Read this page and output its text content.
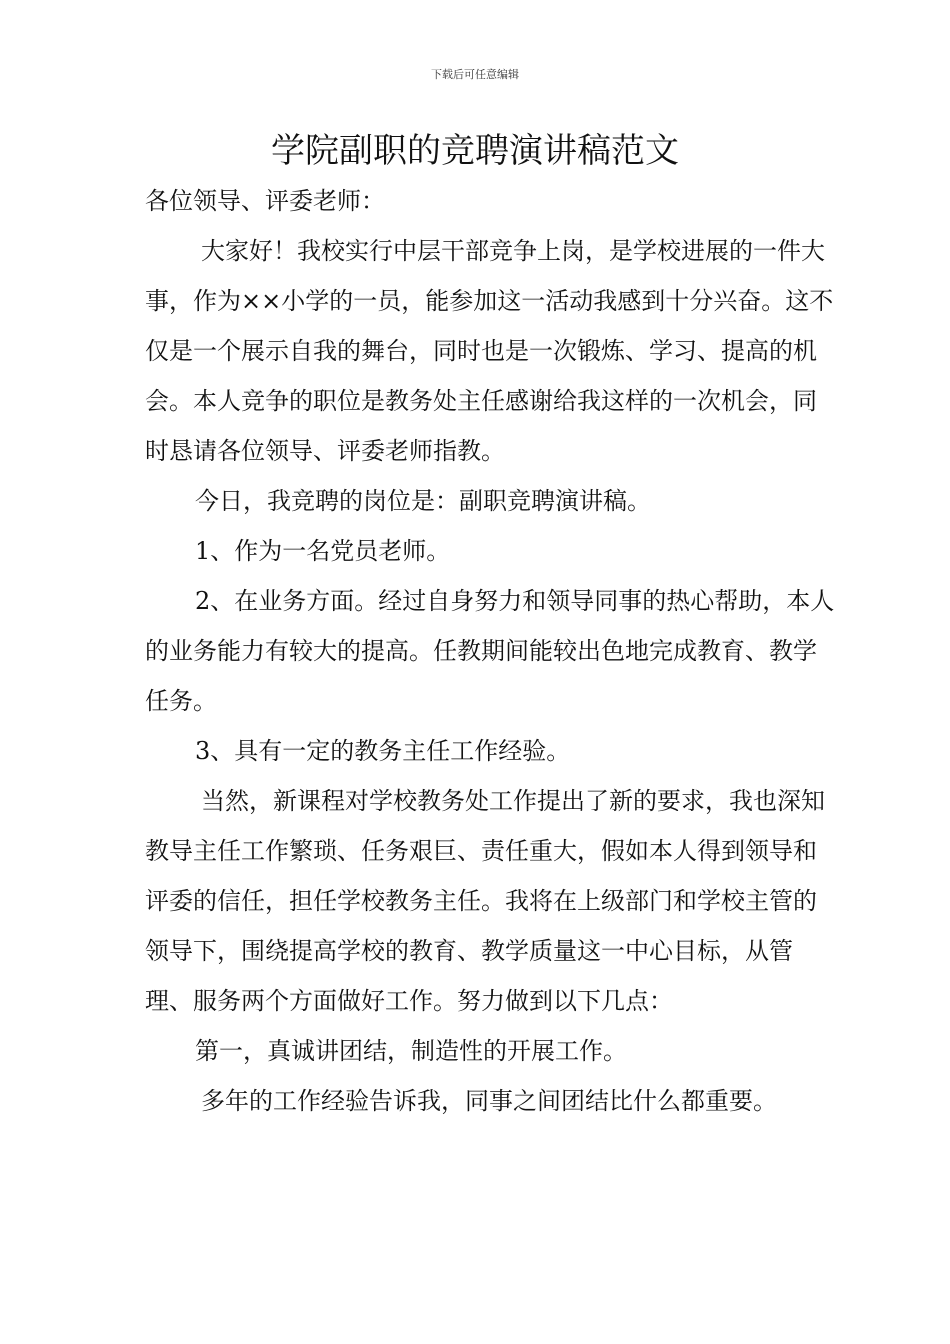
下载后可任意编辑
学院副职的竞聘演讲稿范文

各位领导、评委老师：

大家好！我校实行中层干部竞争上岗，是学校进展的一件大事，作为××小学的一员，能参加这一活动我感到十分兴奋。这不仅是一个展示自我的舞台，同时也是一次锻炼、学习、提高的机会。本人竞争的职位是教务处主任感谢给我这样的一次机会，同时恳请各位领导、评委老师指教。

今日，我竞聘的岗位是：副职竞聘演讲稿。

1、作为一名党员老师。

2、在业务方面。经过自身努力和领导同事的热心帮助，本人的业务能力有较大的提高。任教期间能较出色地完成教育、教学任务。

3、具有一定的教务主任工作经验。

当然，新课程对学校教务处工作提出了新的要求，我也深知教导主任工作繁琐、任务艰巨、责任重大，假如本人得到领导和评委的信任，担任学校教务主任。我将在上级部门和学校主管的领导下，围绕提高学校的教育、教学质量这一中心目标，从管理、服务两个方面做好工作。努力做到以下几点：

第一，真诚讲团结，制造性的开展工作。

多年的工作经验告诉我，同事之间团结比什么都重要。
